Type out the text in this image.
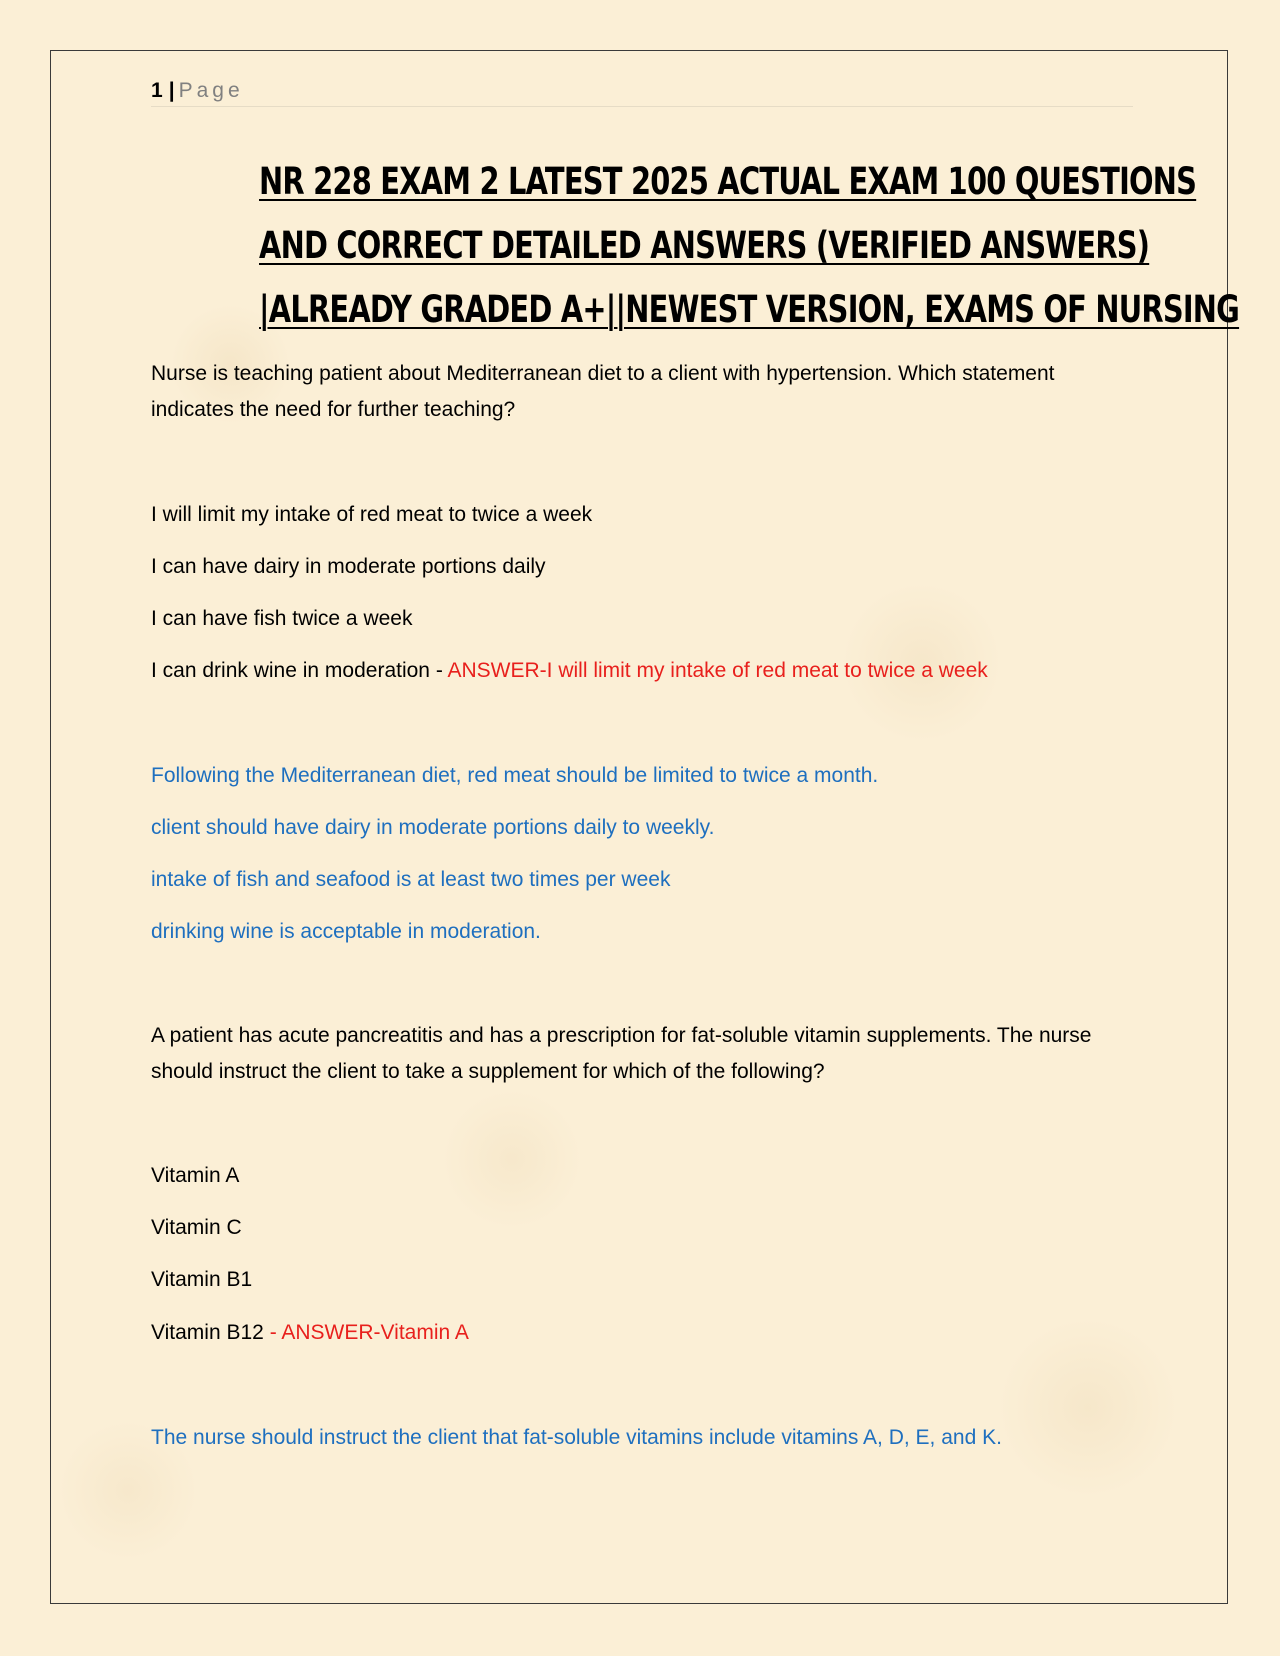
1 | Page
NR 228 EXAM 2 LATEST 2025 ACTUAL EXAM 100 QUESTIONS
AND CORRECT DETAILED ANSWERS (VERIFIED ANSWERS)
|ALREADY GRADED A+||NEWEST VERSION, EXAMS OF NURSING

Nurse is teaching patient about Mediterranean diet to a client with hypertension. Which statement indicates the need for further teaching?

I will limit my intake of red meat to twice a week

I can have dairy in moderate portions daily

I can have fish twice a week

I can drink wine in moderation - ANSWER-I will limit my intake of red meat to twice a week

Following the Mediterranean diet, red meat should be limited to twice a month.

client should have dairy in moderate portions daily to weekly.

intake of fish and seafood is at least two times per week

drinking wine is acceptable in moderation.

A patient has acute pancreatitis and has a prescription for fat-soluble vitamin supplements. The nurse should instruct the client to take a supplement for which of the following?

Vitamin A

Vitamin C

Vitamin B1

Vitamin B12 - ANSWER-Vitamin A

The nurse should instruct the client that fat-soluble vitamins include vitamins A, D, E, and K.
